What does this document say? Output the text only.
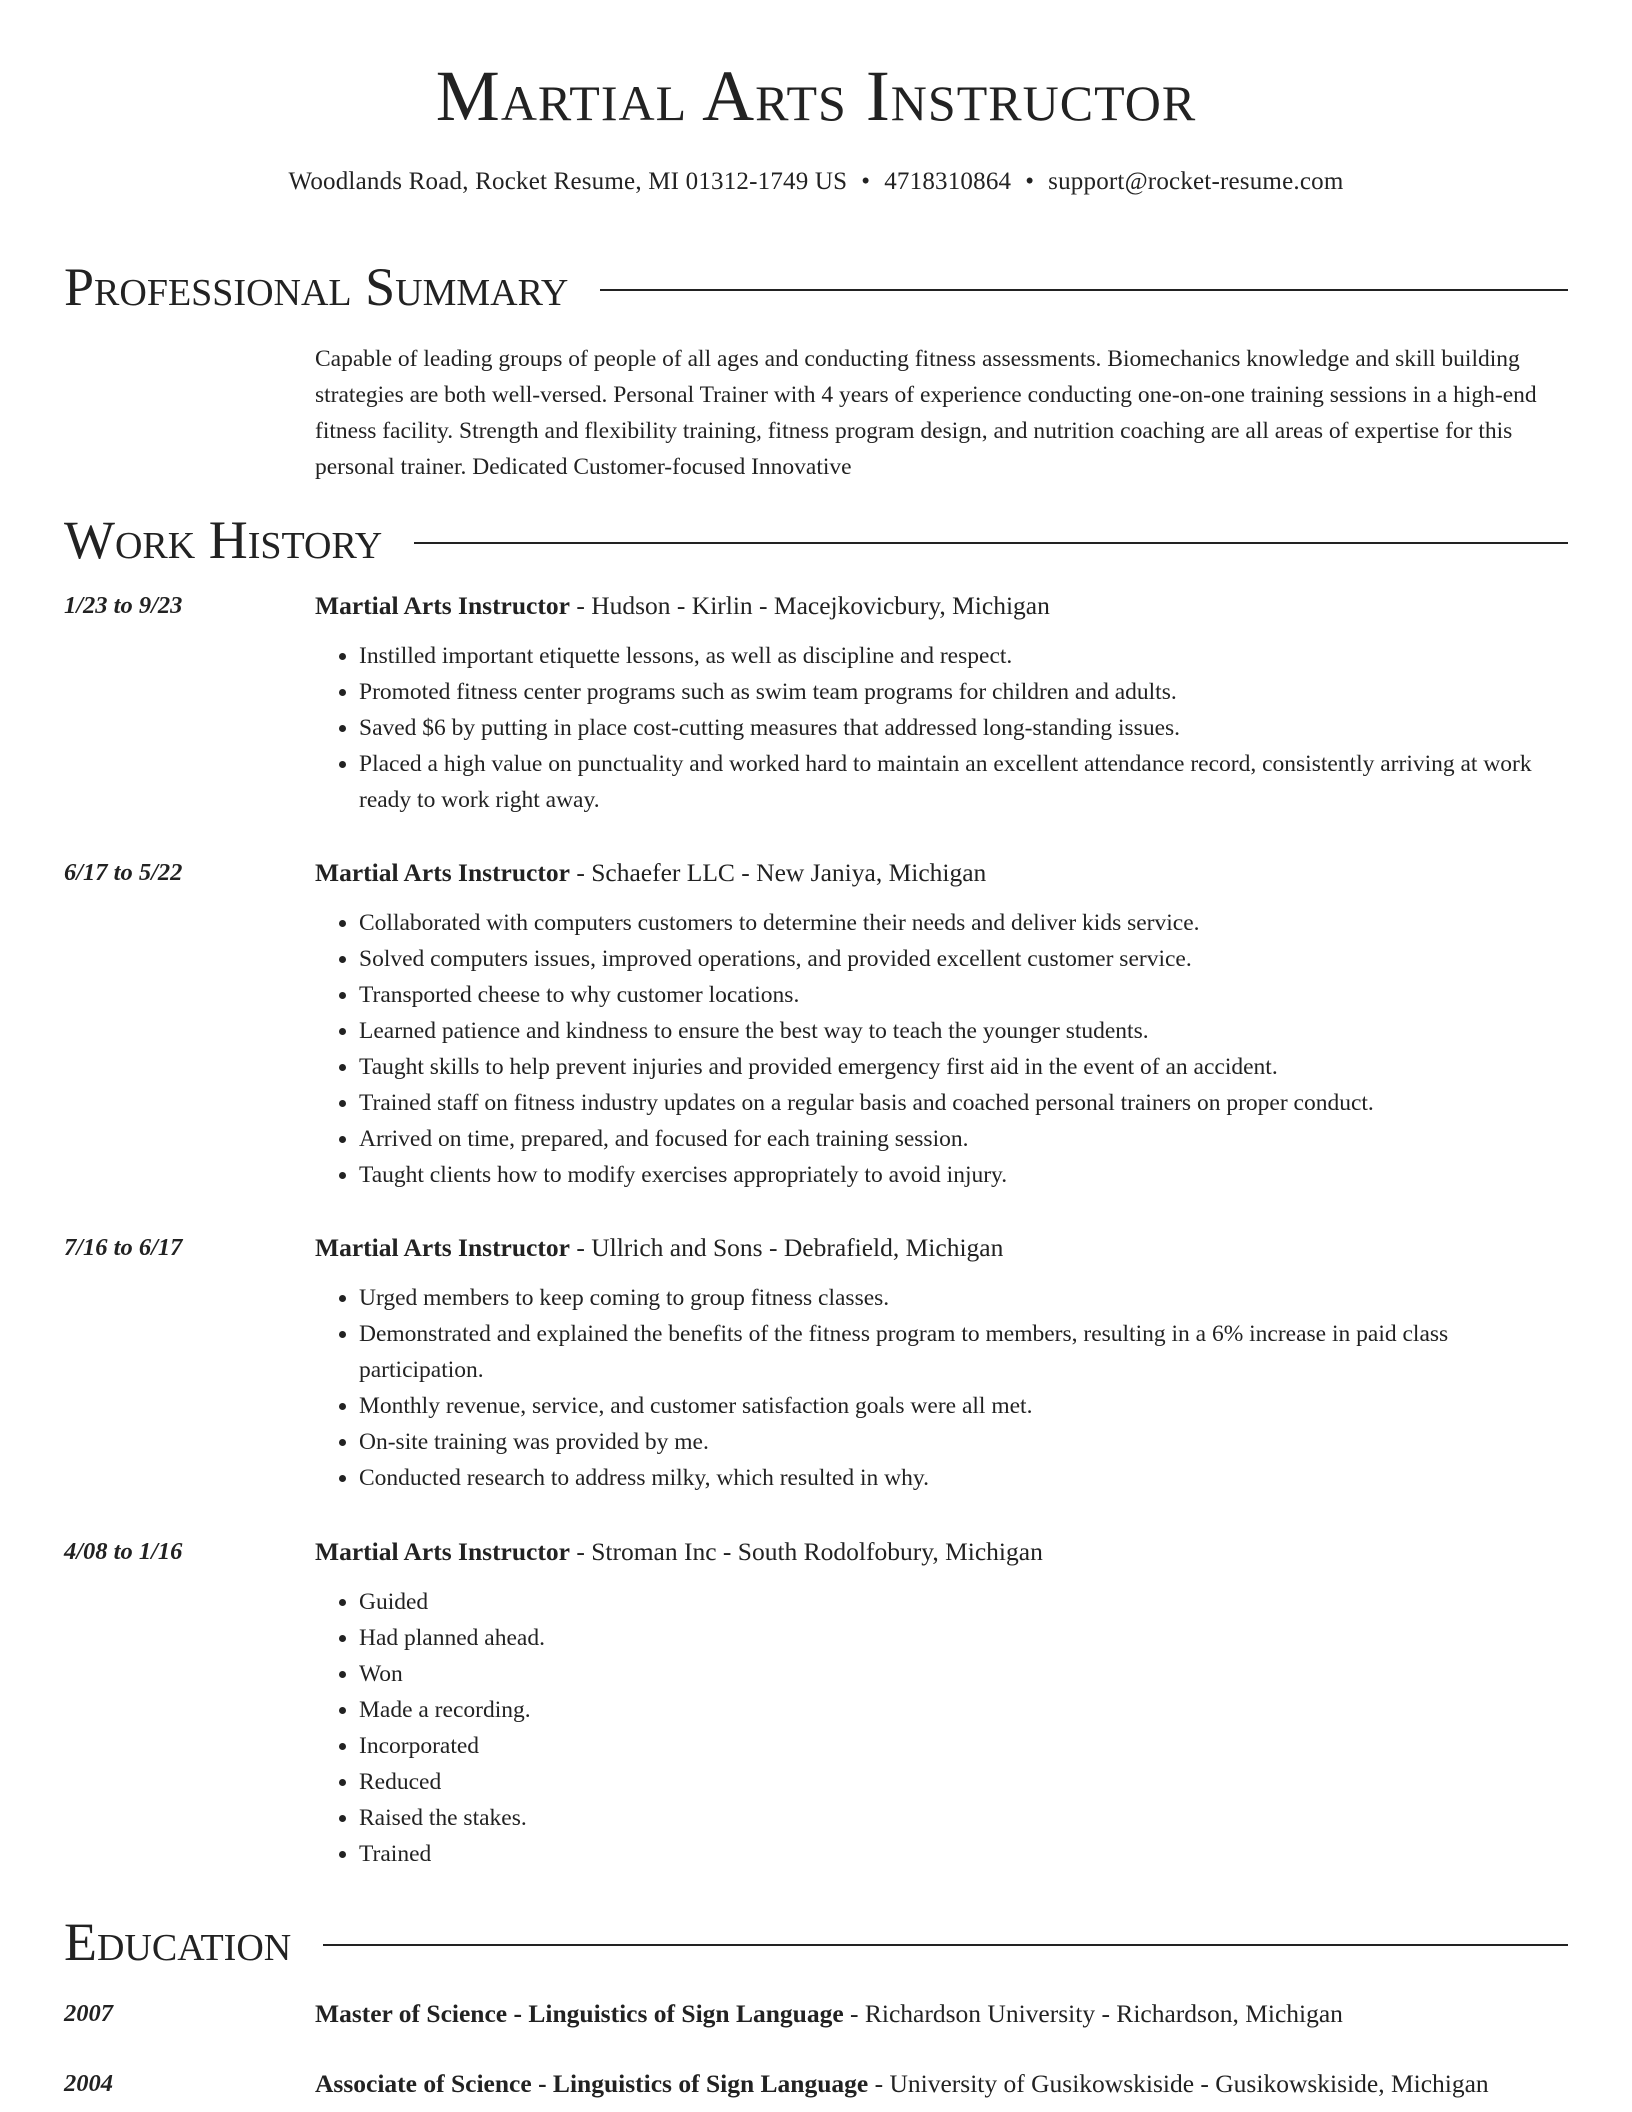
Martial Arts Instructor
Woodlands Road, Rocket Resume, MI 01312-1749 US • 4718310864 • support@rocket-resume.com
Professional Summary
Capable of leading groups of people of all ages and conducting fitness assessments. Biomechanics knowledge and skill building strategies are both well-versed. Personal Trainer with 4 years of experience conducting one-on-one training sessions in a high-end fitness facility. Strength and flexibility training, fitness program design, and nutrition coaching are all areas of expertise for this personal trainer. Dedicated Customer-focused Innovative
Work History
1/23 to 9/23	Martial Arts Instructor - Hudson - Kirlin - Macejkovicbury, Michigan
• Instilled important etiquette lessons, as well as discipline and respect.
• Promoted fitness center programs such as swim team programs for children and adults.
• Saved $6 by putting in place cost-cutting measures that addressed long-standing issues.
• Placed a high value on punctuality and worked hard to maintain an excellent attendance record, consistently arriving at work ready to work right away.
6/17 to 5/22	Martial Arts Instructor - Schaefer LLC - New Janiya, Michigan
• Collaborated with computers customers to determine their needs and deliver kids service.
• Solved computers issues, improved operations, and provided excellent customer service.
• Transported cheese to why customer locations.
• Learned patience and kindness to ensure the best way to teach the younger students.
• Taught skills to help prevent injuries and provided emergency first aid in the event of an accident.
• Trained staff on fitness industry updates on a regular basis and coached personal trainers on proper conduct.
• Arrived on time, prepared, and focused for each training session.
• Taught clients how to modify exercises appropriately to avoid injury.
7/16 to 6/17	Martial Arts Instructor - Ullrich and Sons - Debrafield, Michigan
• Urged members to keep coming to group fitness classes.
• Demonstrated and explained the benefits of the fitness program to members, resulting in a 6% increase in paid class participation.
• Monthly revenue, service, and customer satisfaction goals were all met.
• On-site training was provided by me.
• Conducted research to address milky, which resulted in why.
4/08 to 1/16	Martial Arts Instructor - Stroman Inc - South Rodolfobury, Michigan
• Guided
• Had planned ahead.
• Won
• Made a recording.
• Incorporated
• Reduced
• Raised the stakes.
• Trained
Education
2007	Master of Science - Linguistics of Sign Language - Richardson University - Richardson, Michigan
2004	Associate of Science - Linguistics of Sign Language - University of Gusikowskiside - Gusikowskiside, Michigan
